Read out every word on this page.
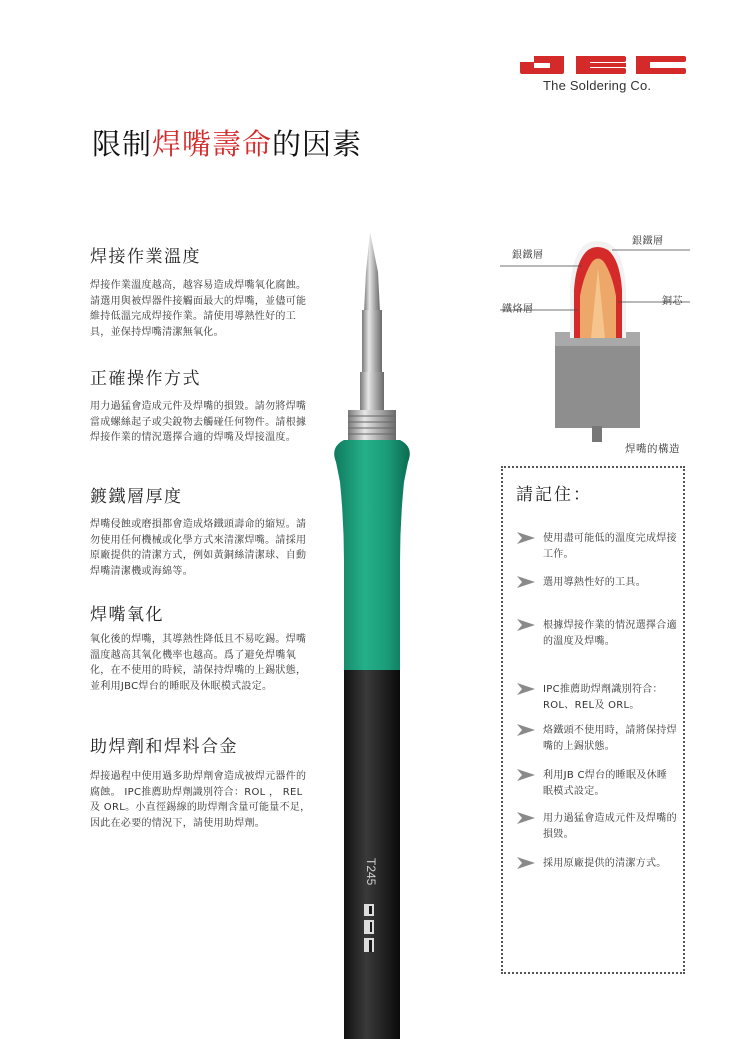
The Soldering Co.
限制焊嘴壽命的因素
焊接作業溫度
焊接作業溫度越高，越容易造成焊嘴氧化腐蝕。請選用與被焊器件接觸面最大的焊嘴，並儘可能維持低溫完成焊接作業。請使用導熱性好的工具，並保持焊嘴清潔無氧化。
正確操作方式
用力過猛會造成元件及焊嘴的損毀。請勿將焊嘴當成螺絲起子或尖銳物去觸碰任何物件。請根據焊接作業的情況選擇合適的焊嘴及焊接溫度。
鍍鐵層厚度
焊嘴侵蝕或磨損都會造成烙鐵頭壽命的縮短。請勿使用任何機械或化學方式來清潔焊嘴。請採用原廠提供的清潔方式，例如黃銅絲清潔球、自動焊嘴清潔機或海綿等。
焊嘴氧化
氧化後的焊嘴，其導熱性降低且不易吃錫。焊嘴溫度越高其氧化機率也越高。爲了避免焊嘴氧化，在不使用的時候，請保持焊嘴的上錫狀態，並利用JBC焊台的睡眠及休眠模式設定。
助焊劑和焊料合金
焊接過程中使用過多助焊劑會造成被焊元器件的腐蝕。 IPC推薦助焊劑識別符合：ROL ， REL及 ORL。小直徑錫線的助焊劑含量可能量不足， 因此在必要的情況下，請使用助焊劑。
T245
銀鐵層
銀鐵層
鐵烙層
銅芯
焊嘴的構造
請記住：
使用盡可能低的溫度完成焊接工作。
選用導熱性好的工具。
根據焊接作業的情況選擇合適的溫度及焊嘴。
IPC推薦助焊劑識別符合：ROL、REL及 ORL。
烙鐵頭不使用時，請將保持焊嘴的上錫狀態。
利用JB C焊台的睡眠及休睡眠模式設定。
用力過猛會造成元件及焊嘴的損毀。
採用原廠提供的清潔方式。
